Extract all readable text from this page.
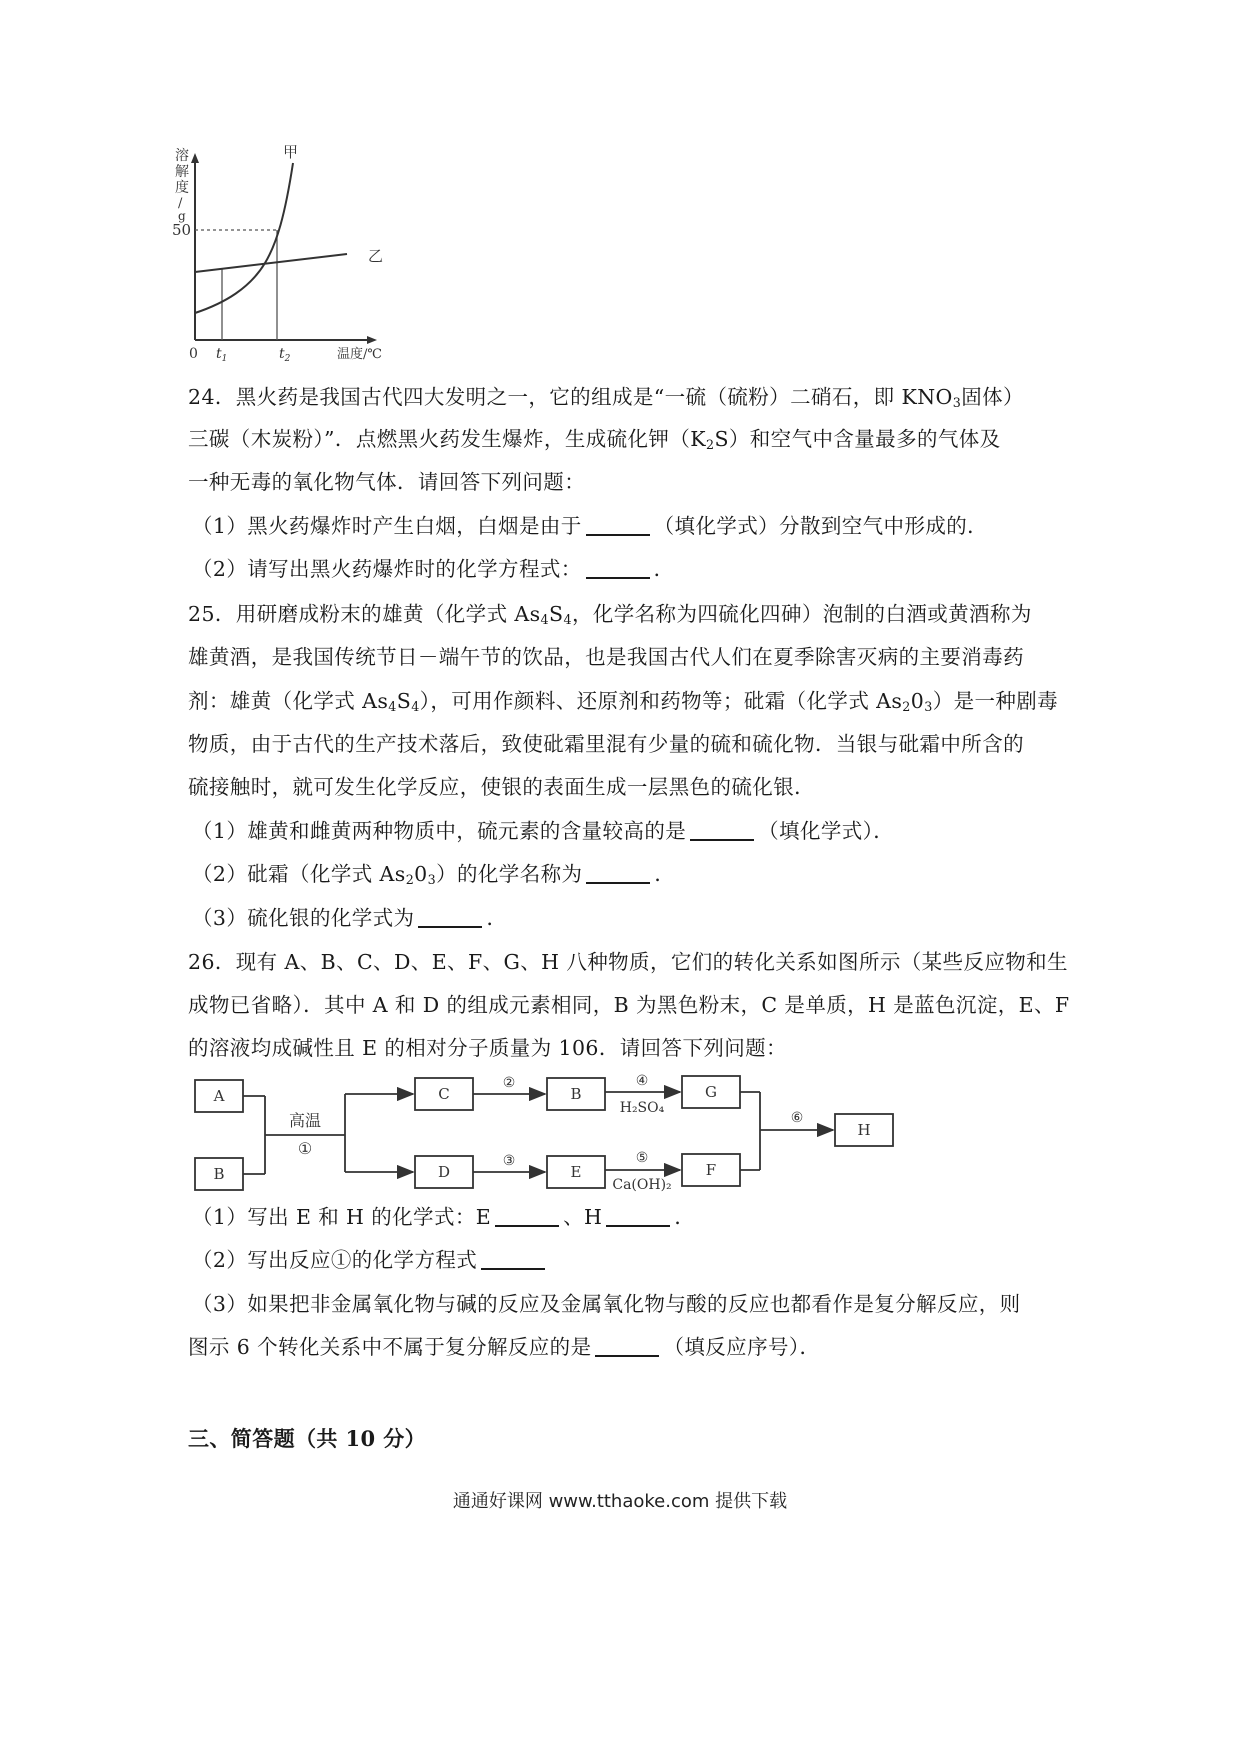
溶
解
度
/
g
50
甲
乙
0 $t_1$	$t_2$	温度/℃
24．黑火药是我国古代四大发明之一，它的组成是“一硫（硫粉）二硝石，即 $KNO_3$固体）
三碳（木炭粉）”．点燃黑火药发生爆炸，生成硫化钾$(K_2S)$和空气中含量最多的气体及
一种无毒的氧化物气体．请回答下列问题：
（1）黑火药爆炸时产生白烟，白烟是由于	（填化学式）分散到空气中形成的．
（2）请写出黑火药爆炸时的化学方程式：	．
25．用研磨成粉末的雄黄（化学式 $As_4S_4$，化学名称为四硫化四砷）泡制的白酒或黄酒称为
雄黄酒，是我国传统节日－端午节的饮品，也是我国古代人们在夏季除害灭病的主要消毒药
剂：雄黄（化学式 $As_4S_4$），可用作颜料、还原剂和药物等；砒霜（化学式 $As_20_3$）是一种剧毒
物质，由于古代的生产技术落后，致使砒霜里混有少量的硫和硫化物．当银与砒霜中所含的
硫接触时，就可发生化学反应，使银的表面生成一层黑色的硫化银．
（1）雄黄和雌黄两种物质中，硫元素的含量较高的是	（填化学式）．
（2）砒霜（化学式 $As_20_3$）的化学名称为	．
（3）硫化银的化学式为	．
26．现有 A、B、C、D、E、F、G、H 八种物质，它们的转化关系如图所示（某些反应物和生
成物已省略）．其中 A 和 D 的组成元素相同，B 为黑色粉末，C 是单质，H 是蓝色沉淀，E、F
的溶液均成碱性且 E 的相对分子质量为 106．请回答下列问题：
A
B
C
D
B
E
G
F
H
高温
①
②
③
④
H₂SO₄
⑤
Ca(OH)₂
⑥
（1）写出 E 和 H 的化学式：E	、H	．
（2）写出反应①的化学方程式
（3）如果把非金属氧化物与碱的反应及金属氧化物与酸的反应也都看作是复分解反应，则
图示 6 个转化关系中不属于复分解反应的是	（填反应序号）．
三、简答题（共 10 分）
通通好课网 www.tthaoke.com 提供下载
